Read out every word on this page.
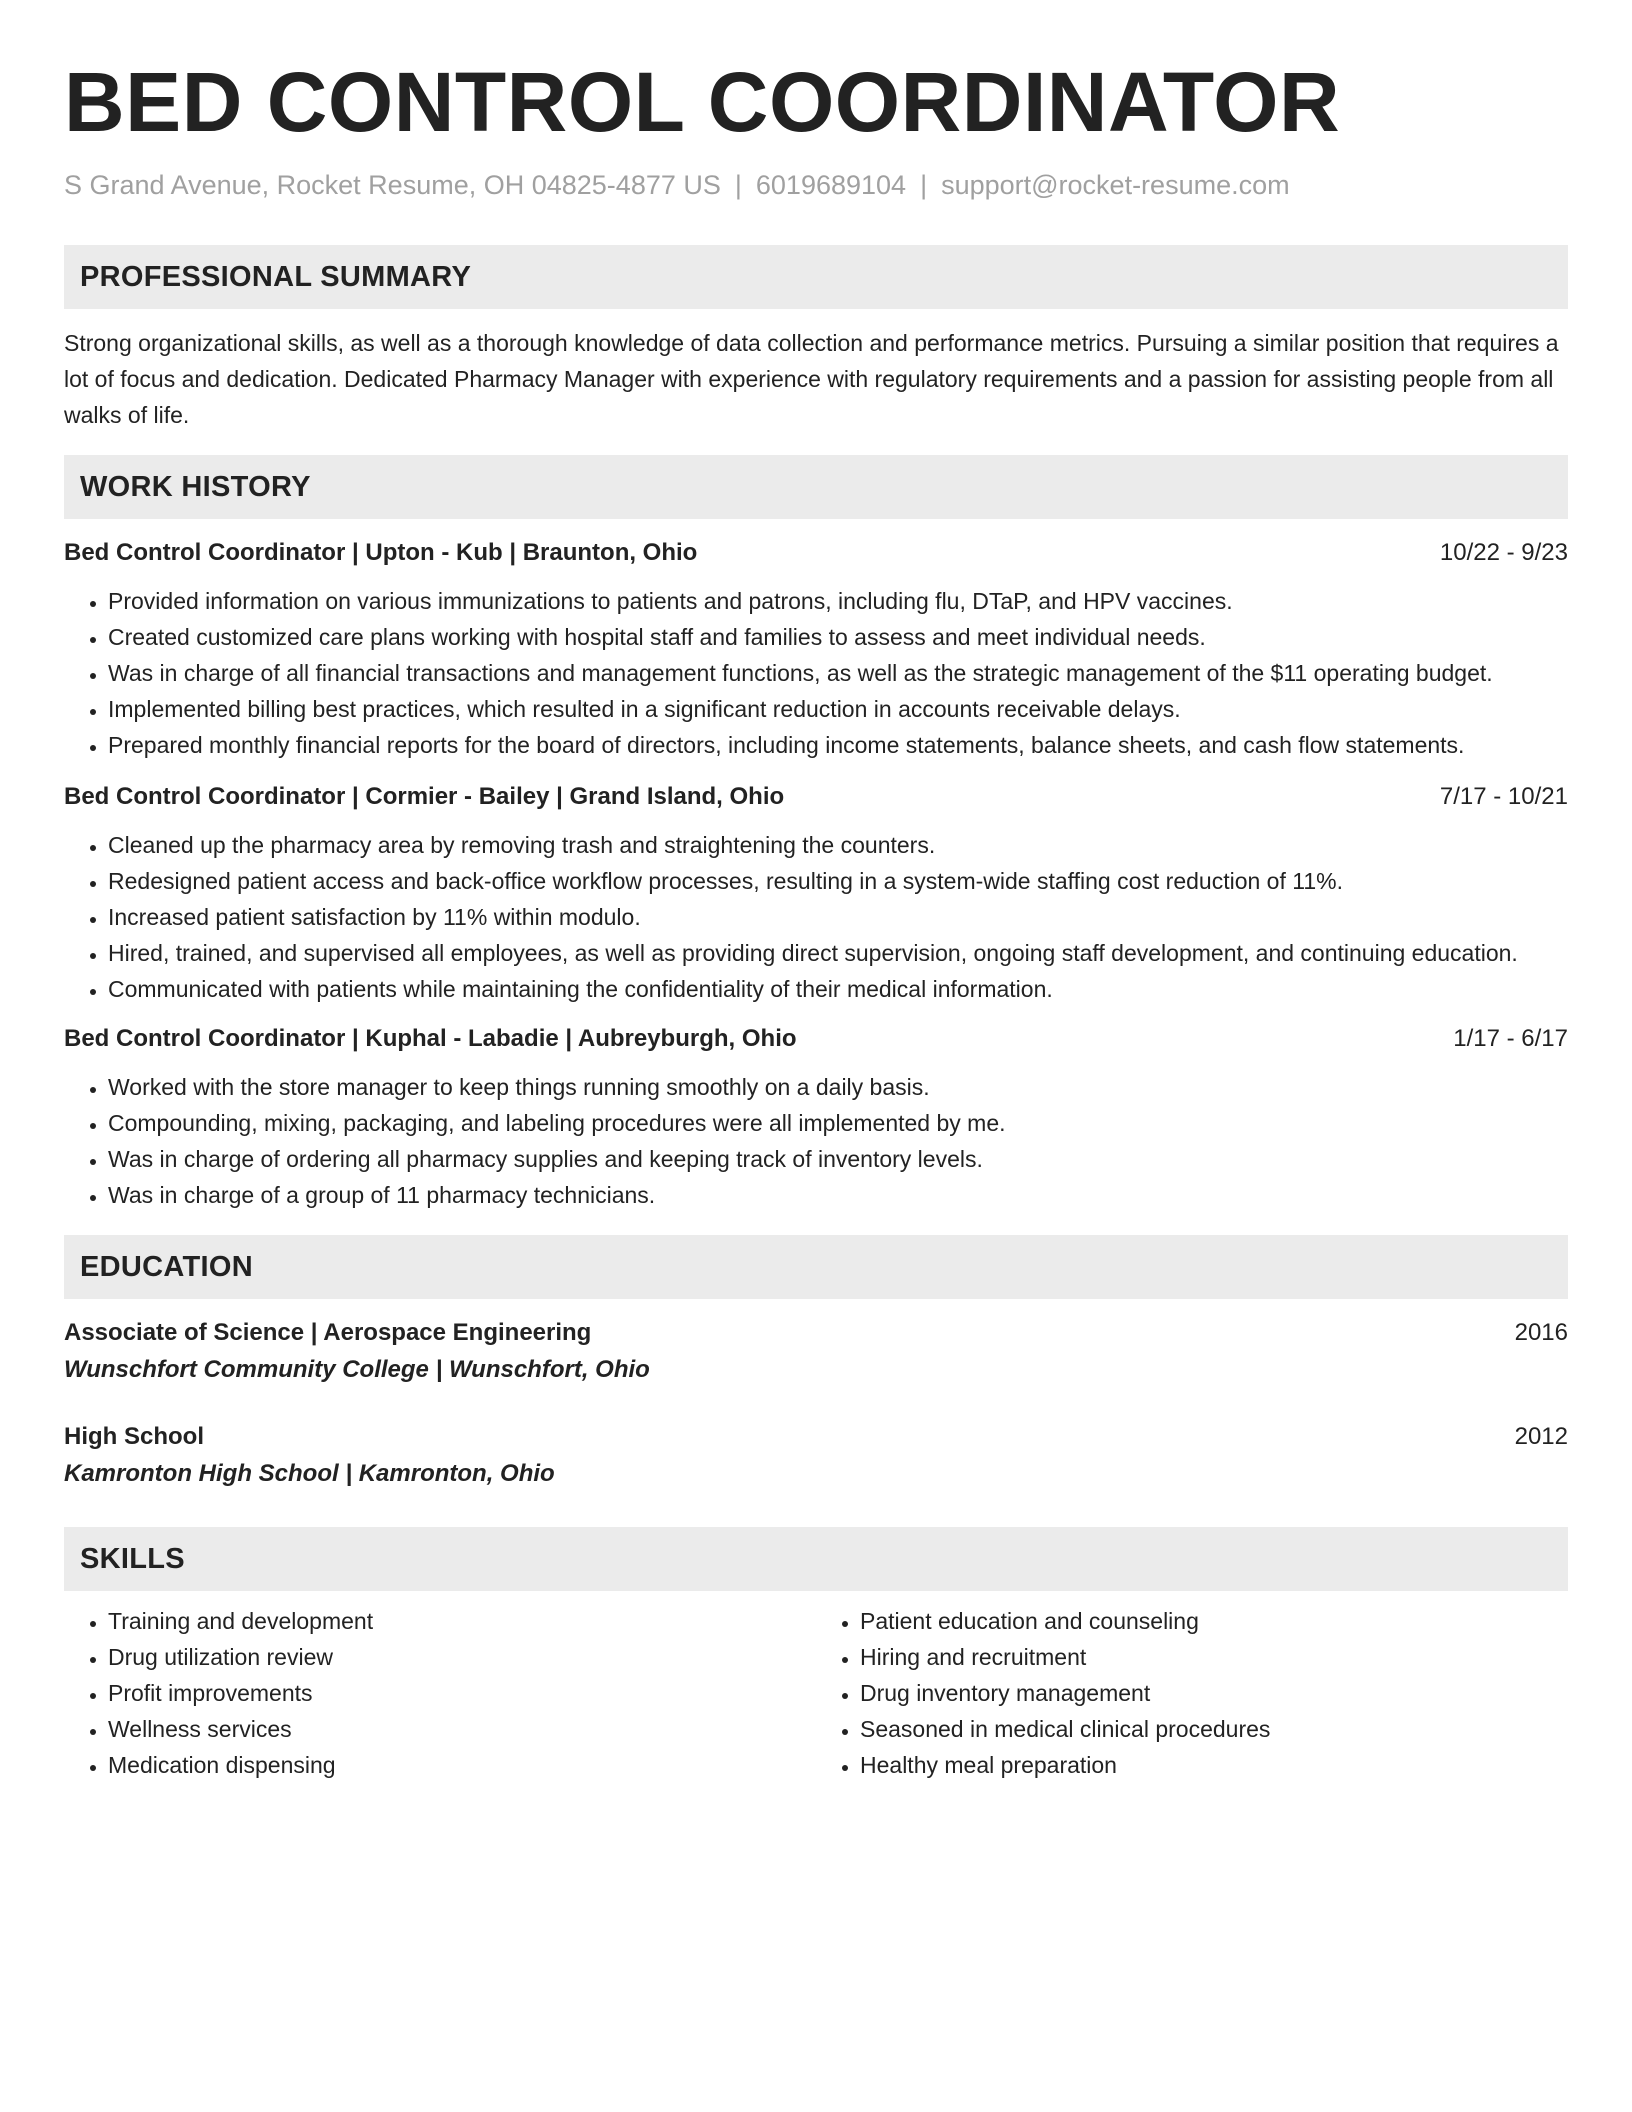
BED CONTROL COORDINATOR
S Grand Avenue, Rocket Resume, OH 04825-4877 US | 6019689104 | support@rocket-resume.com
PROFESSIONAL SUMMARY

Strong organizational skills, as well as a thorough knowledge of data collection and performance metrics. Pursuing a similar position that requires a lot of focus and dedication. Dedicated Pharmacy Manager with experience with regulatory requirements and a passion for assisting people from all walks of life.

WORK HISTORY
Bed Control Coordinator | Upton - Kub | Braunton, Ohio	10/22 - 9/23
• Provided information on various immunizations to patients and patrons, including flu, DTaP, and HPV vaccines.
• Created customized care plans working with hospital staff and families to assess and meet individual needs.
• Was in charge of all financial transactions and management functions, as well as the strategic management of the $11 operating budget.
• Implemented billing best practices, which resulted in a significant reduction in accounts receivable delays.
• Prepared monthly financial reports for the board of directors, including income statements, balance sheets, and cash flow statements.
Bed Control Coordinator | Cormier - Bailey | Grand Island, Ohio	7/17 - 10/21
• Cleaned up the pharmacy area by removing trash and straightening the counters.
• Redesigned patient access and back-office workflow processes, resulting in a system-wide staffing cost reduction of 11%.
• Increased patient satisfaction by 11% within modulo.
• Hired, trained, and supervised all employees, as well as providing direct supervision, ongoing staff development, and continuing education.
• Communicated with patients while maintaining the confidentiality of their medical information.
Bed Control Coordinator | Kuphal - Labadie | Aubreyburgh, Ohio	1/17 - 6/17
• Worked with the store manager to keep things running smoothly on a daily basis.
• Compounding, mixing, packaging, and labeling procedures were all implemented by me.
• Was in charge of ordering all pharmacy supplies and keeping track of inventory levels.
• Was in charge of a group of 11 pharmacy technicians.
EDUCATION
Associate of Science | Aerospace Engineering	2016
Wunschfort Community College | Wunschfort, Ohio
High School	2012
Kamronton High School | Kamronton, Ohio
SKILLS
• Training and development
• Drug utilization review
• Profit improvements
• Wellness services
• Medication dispensing
• Patient education and counseling
• Hiring and recruitment
• Drug inventory management
• Seasoned in medical clinical procedures
• Healthy meal preparation
